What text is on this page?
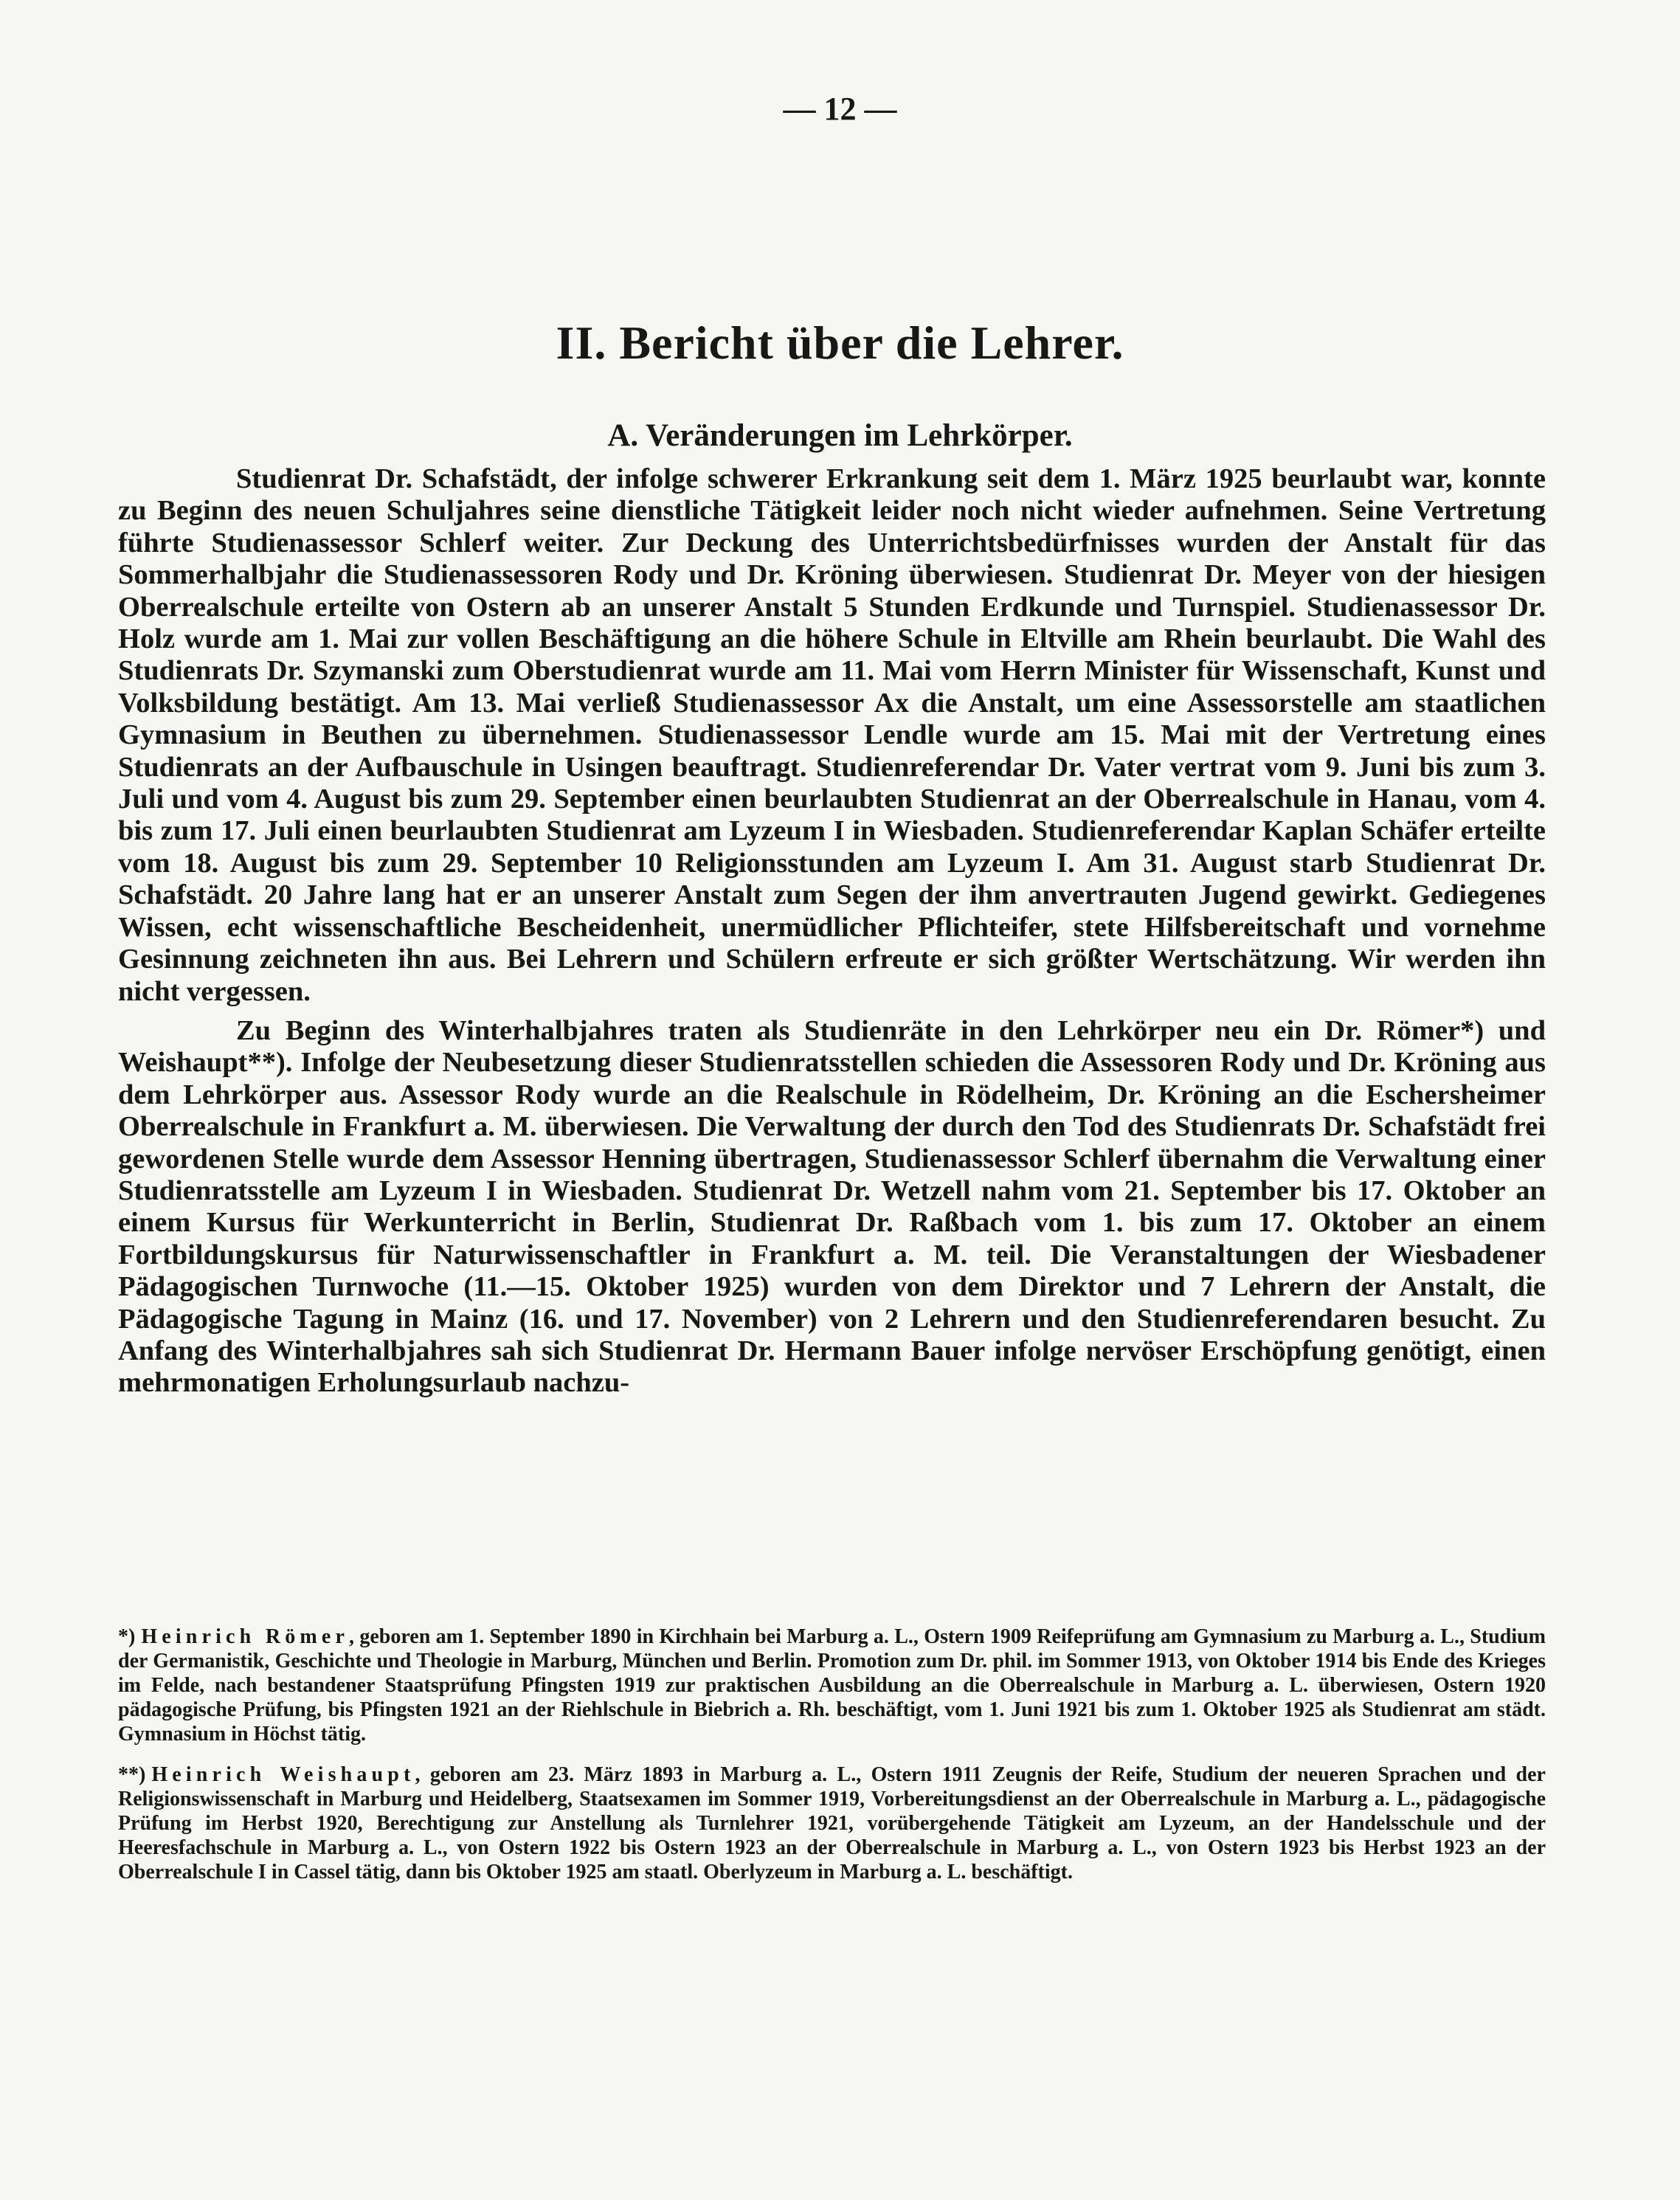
— 12 —
II. Bericht über die Lehrer.
A. Veränderungen im Lehrkörper.

Studienrat Dr. Schafstädt, der infolge schwerer Erkrankung seit dem 1. März 1925 beurlaubt war, konnte zu Beginn des neuen Schuljahres seine dienstliche Tätigkeit leider noch nicht wieder aufnehmen. Seine Vertretung führte Studienassessor Schlerf weiter. Zur Deckung des Unterrichtsbedürfnisses wurden der Anstalt für das Sommerhalbjahr die Studienassessoren Rody und Dr. Kröning überwiesen. Studienrat Dr. Meyer von der hiesigen Oberrealschule erteilte von Ostern ab an unserer Anstalt 5 Stunden Erdkunde und Turnspiel. Studienassessor Dr. Holz wurde am 1. Mai zur vollen Beschäftigung an die höhere Schule in Eltville am Rhein beurlaubt. Die Wahl des Studienrats Dr. Szymanski zum Oberstudienrat wurde am 11. Mai vom Herrn Minister für Wissenschaft, Kunst und Volksbildung bestätigt. Am 13. Mai verließ Studienassessor Ax die Anstalt, um eine Assessorstelle am staatlichen Gymnasium in Beuthen zu übernehmen. Studienassessor Lendle wurde am 15. Mai mit der Vertretung eines Studienrats an der Aufbauschule in Usingen beauftragt. Studienreferendar Dr. Vater vertrat vom 9. Juni bis zum 3. Juli und vom 4. August bis zum 29. September einen beurlaubten Studienrat an der Oberrealschule in Hanau, vom 4. bis zum 17. Juli einen beurlaubten Studienrat am Lyzeum I in Wiesbaden. Studienreferendar Kaplan Schäfer erteilte vom 18. August bis zum 29. September 10 Religionsstunden am Lyzeum I. Am 31. August starb Studienrat Dr. Schafstädt. 20 Jahre lang hat er an unserer Anstalt zum Segen der ihm anvertrauten Jugend gewirkt. Gediegenes Wissen, echt wissenschaftliche Bescheidenheit, unermüdlicher Pflichteifer, stete Hilfsbereitschaft und vornehme Gesinnung zeichneten ihn aus. Bei Lehrern und Schülern erfreute er sich größter Wertschätzung. Wir werden ihn nicht vergessen.

Zu Beginn des Winterhalbjahres traten als Studienräte in den Lehrkörper neu ein Dr. Römer*) und Weishaupt**). Infolge der Neubesetzung dieser Studienratsstellen schieden die Assessoren Rody und Dr. Kröning aus dem Lehrkörper aus. Assessor Rody wurde an die Realschule in Rödelheim, Dr. Kröning an die Eschersheimer Oberrealschule in Frankfurt a. M. überwiesen. Die Verwaltung der durch den Tod des Studienrats Dr. Schafstädt frei gewordenen Stelle wurde dem Assessor Henning übertragen, Studienassessor Schlerf übernahm die Verwaltung einer Studienratsstelle am Lyzeum I in Wiesbaden. Studienrat Dr. Wetzell nahm vom 21. September bis 17. Oktober an einem Kursus für Werkunterricht in Berlin, Studienrat Dr. Raßbach vom 1. bis zum 17. Oktober an einem Fortbildungskursus für Naturwissenschaftler in Frankfurt a. M. teil. Die Veranstaltungen der Wiesbadener Pädagogischen Turnwoche (11.—15. Oktober 1925) wurden von dem Direktor und 7 Lehrern der Anstalt, die Pädagogische Tagung in Mainz (16. und 17. November) von 2 Lehrern und den Studienreferendaren besucht. Zu Anfang des Winterhalbjahres sah sich Studienrat Dr. Hermann Bauer infolge nervöser Erschöpfung genötigt, einen mehrmonatigen Erholungsurlaub nachzu-

*) Heinrich Römer, geboren am 1. September 1890 in Kirchhain bei Marburg a. L., Ostern 1909 Reifeprüfung am Gymnasium zu Marburg a. L., Studium der Germanistik, Geschichte und Theologie in Marburg, München und Berlin. Promotion zum Dr. phil. im Sommer 1913, von Oktober 1914 bis Ende des Krieges im Felde, nach bestandener Staatsprüfung Pfingsten 1919 zur praktischen Ausbildung an die Oberrealschule in Marburg a. L. überwiesen, Ostern 1920 pädagogische Prüfung, bis Pfingsten 1921 an der Riehlschule in Biebrich a. Rh. beschäftigt, vom 1. Juni 1921 bis zum 1. Oktober 1925 als Studienrat am städt. Gymnasium in Höchst tätig.

**) Heinrich Weishaupt, geboren am 23. März 1893 in Marburg a. L., Ostern 1911 Zeugnis der Reife, Studium der neueren Sprachen und der Religionswissenschaft in Marburg und Heidelberg, Staatsexamen im Sommer 1919, Vorbereitungsdienst an der Oberrealschule in Marburg a. L., pädagogische Prüfung im Herbst 1920, Berechtigung zur Anstellung als Turnlehrer 1921, vorübergehende Tätigkeit am Lyzeum, an der Handelsschule und der Heeresfachschule in Marburg a. L., von Ostern 1922 bis Ostern 1923 an der Oberrealschule in Marburg a. L., von Ostern 1923 bis Herbst 1923 an der Oberrealschule I in Cassel tätig, dann bis Oktober 1925 am staatl. Oberlyzeum in Marburg a. L. beschäftigt.
